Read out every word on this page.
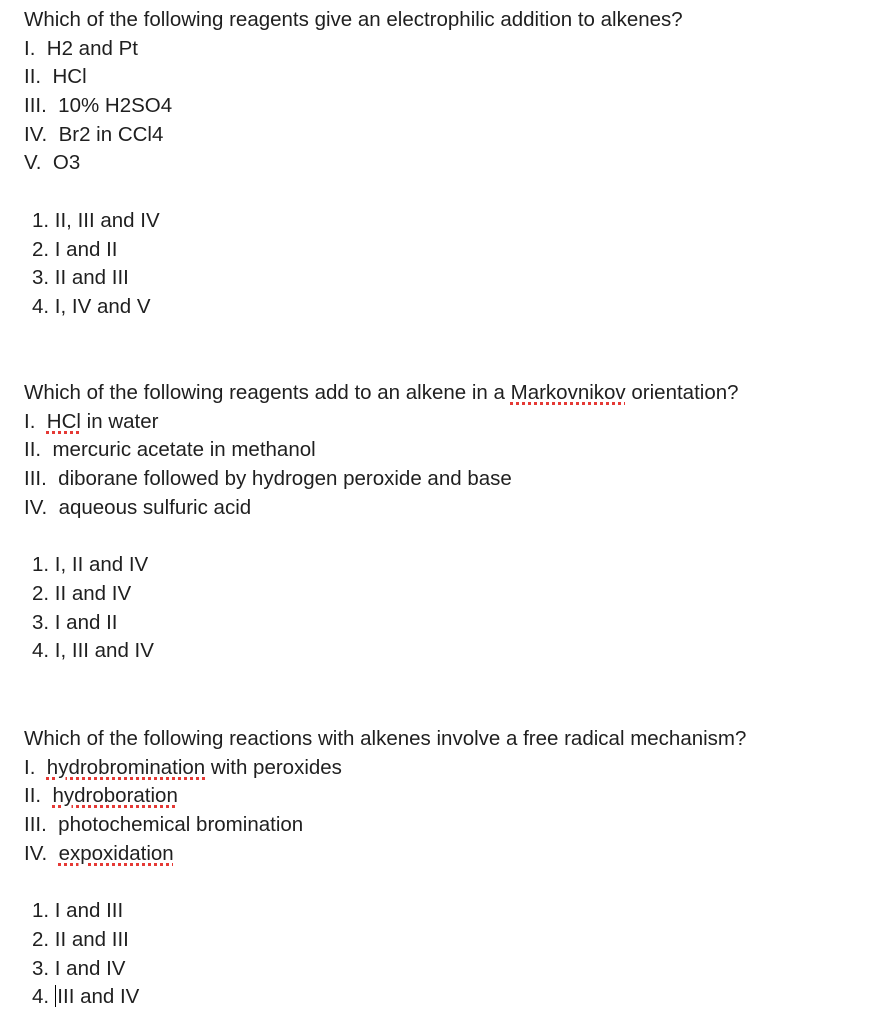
Which of the following reagents give an electrophilic addition to alkenes?
I.  H2 and Pt
II.  HCl
III.  10% H2SO4
IV.  Br2 in CCl4
V.  O3
1. II, III and IV
2. I and II
3. II and III
4. I, IV and V
Which of the following reagents add to an alkene in a Markovnikov orientation?
I.  HCl in water
II.  mercuric acetate in methanol
III.  diborane followed by hydrogen peroxide and base
IV.  aqueous sulfuric acid
1. I, II and IV
2. II and IV
3. I and II
4. I, III and IV
Which of the following reactions with alkenes involve a free radical mechanism?
I.  hydrobromination with peroxides
II.  hydroboration
III.  photochemical bromination
IV.  expoxidation
1. I and III
2. II and III
3. I and IV
4. III and IV
